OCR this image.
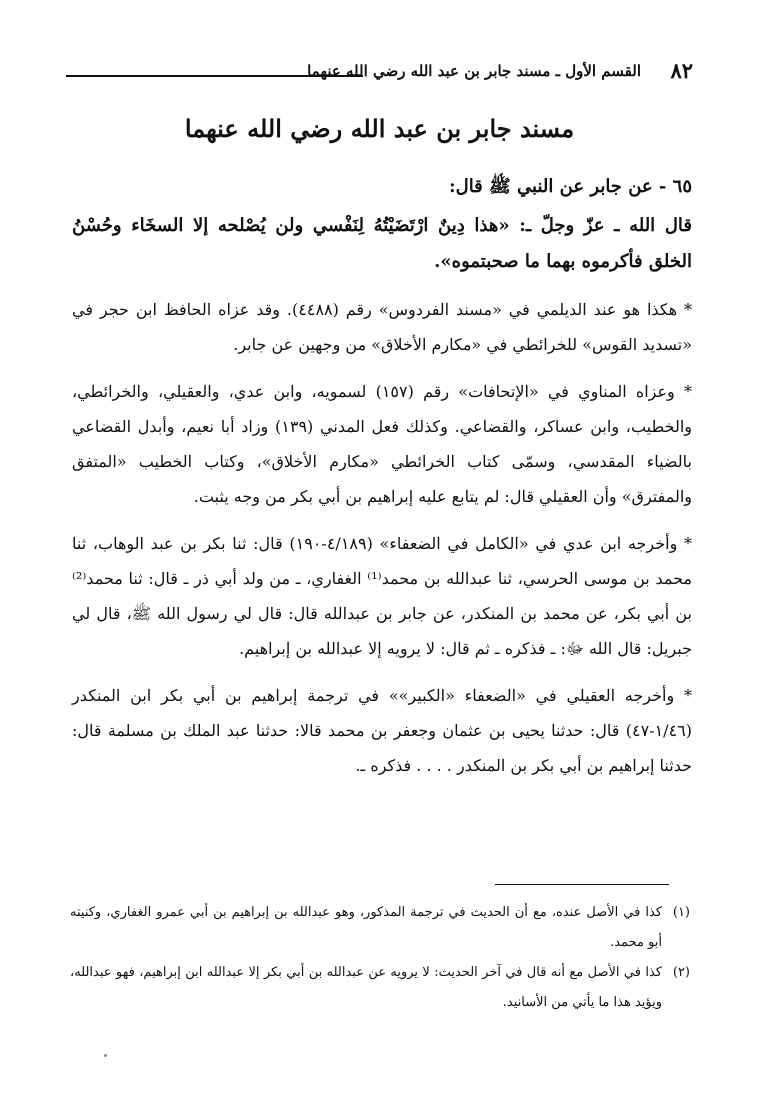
٨٢
القسم الأول ـ مسند جابر بن عبد الله رضي الله عنهما
مسند جابر بن عبد الله رضي الله عنهما

٦٥ - عن جابر عن النبي ﷺ قال:

قال الله ـ عزّ وجلّ ـ: «هذا دِينٌ ارْتَضَيْتُهُ لِنَفْسي ولن يُصْلحه إلا السخَاء وحُسْنُ الخلق فأكرموه بهما ما صحبتموه».

* هكذا هو عند الديلمي في «مسند الفردوس» رقم (٤٤٨٨). وقد عزاه الحافظ ابن حجر في «تسديد القوس» للخرائطي في «مكارم الأخلاق» من وجهين عن جابر.

* وعزاه المناوي في «الإتحافات» رقم (١٥٧) لسمويه، وابن عدي، والعقيلي، والخرائطي، والخطيب، وابن عساكر، والقضاعي. وكذلك فعل المدني (١٣٩) وزاد أبا نعيم، وأبدل القضاعي بالضياء المقدسي، وسمّى كتاب الخرائطي «مكارم الأخلاق»، وكتاب الخطيب «المتفق والمفترق» وأن العقيلي قال: لم يتابع عليه إبراهيم بن أبي بكر من وجه يثبت.

* وأخرجه ابن عدي في «الكامل في الضعفاء» (٤/١٨٩-١٩٠) قال: ثنا بكر بن عبد الوهاب، ثنا محمد بن موسى الحرسي، ثنا عبدالله بن محمد⁽¹⁾ الغفاري، ـ من ولد أبي ذر ـ قال: ثنا محمد⁽²⁾ بن أبي بكر، عن محمد بن المنكدر، عن جابر بن عبدالله قال: قال لي رسول الله ﷺ، قال لي جبريل: قال الله ﷻ: ـ فذكره ـ ثم قال: لا يرويه إلا عبدالله بن إبراهيم.

* وأخرجه العقيلي في «الضعفاء «الكبير»» في ترجمة إبراهيم بن أبي بكر ابن المنكدر (١/٤٦-٤٧) قال: حدثنا يحيى بن عثمان وجعفر بن محمد قالا: حدثنا عبد الملك بن مسلمة قال: حدثنا إبراهيم بن أبي بكر بن المنكدر . . . . فذكره ـ.

(١)
كذا في الأصل عنده، مع أن الحديث في ترجمة المذكور، وهو عبدالله بن إبراهيم بن أبي عمرو الغفاري، وكنيته أبو محمد.
(٢)
كذا في الأصل مع أنه قال في آخر الحديث: لا يرويه عن عبدالله بن أبي بكر إلا عبدالله ابن إبراهيم، فهو عبدالله، ويؤيد هذا ما يأتي من الأسانيد.
